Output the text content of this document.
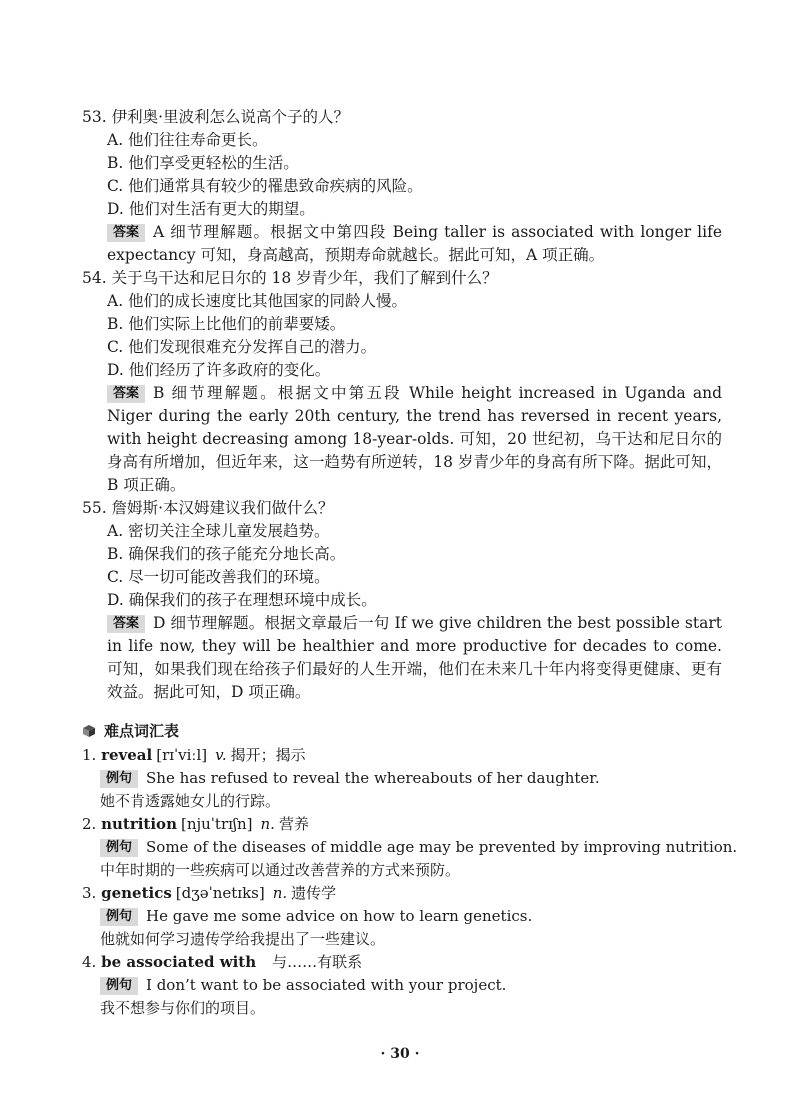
53. 伊利奥·里波利怎么说高个子的人？
A. 他们往往寿命更长。
B. 他们享受更轻松的生活。
C. 他们通常具有较少的罹患致命疾病的风险。
D. 他们对生活有更大的期望。
答案 A 细节理解题。根据文中第四段 Being taller is associated with longer life expectancy 可知，身高越高，预期寿命就越长。据此可知，A 项正确。
54. 关于乌干达和尼日尔的 18 岁青少年，我们了解到什么？
A. 他们的成长速度比其他国家的同龄人慢。
B. 他们实际上比他们的前辈要矮。
C. 他们发现很难充分发挥自己的潜力。
D. 他们经历了许多政府的变化。
答案 B 细节理解题。根据文中第五段 While height increased in Uganda and Niger during the early 20th century, the trend has reversed in recent years, with height decreasing among 18-year-olds. 可知，20 世纪初，乌干达和尼日尔的身高有所增加，但近年来，这一趋势有所逆转，18 岁青少年的身高有所下降。据此可知，B 项正确。
55. 詹姆斯·本汉姆建议我们做什么？
A. 密切关注全球儿童发展趋势。
B. 确保我们的孩子能充分地长高。
C. 尽一切可能改善我们的环境。
D. 确保我们的孩子在理想环境中成长。
答案 D 细节理解题。根据文章最后一句 If we give children the best possible start in life now, they will be healthier and more productive for decades to come. 可知，如果我们现在给孩子们最好的人生开端，他们在未来几十年内将变得更健康、更有效益。据此可知，D 项正确。
难点词汇表
1. reveal [rɪˈviːl] v. 揭开；揭示
例句 She has refused to reveal the whereabouts of her daughter.
她不肯透露她女儿的行踪。
2. nutrition [njuˈtrɪʃn] n. 营养
例句 Some of the diseases of middle age may be prevented by improving nutrition.
中年时期的一些疾病可以通过改善营养的方式来预防。
3. genetics [dʒəˈnetɪks] n. 遗传学
例句 He gave me some advice on how to learn genetics.
他就如何学习遗传学给我提出了一些建议。
4. be associated with 与……有联系
例句 I don’t want to be associated with your project.
我不想参与你们的项目。
· 30 ·
